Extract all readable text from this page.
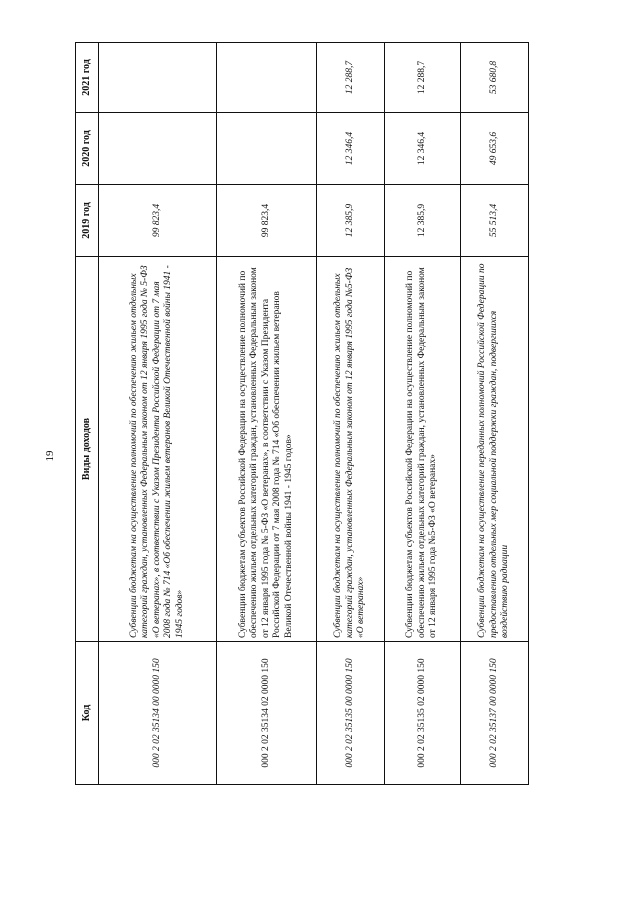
19
Код	Виды доходов	2019 год	2020 год	2021 год
000 2 02 35134 00 0000 150	Субвенции бюджетам на осуществление полномочий по обеспечению жильем отдельных категорий граждан, установленных Федеральным законом от 12 января 1995 года № 5-ФЗ «О ветеранах», в соответствии с Указом Президента Российской Федерации от 7 мая 2008 года № 714 «Об обеспечении жильем ветеранов Великой Отечественной войны 1941 - 1945 годов»	99 823,4		
000 2 02 35134 02 0000 150	Субвенции бюджетам субъектов Российской Федерации на осуществление полномочий по обеспечению жильем отдельных категорий граждан, установленных Федеральным законом от 12 января 1995 года № 5-ФЗ «О ветеранах», в соответствии с Указом Президента Российской Федерации от 7 мая 2008 года № 714 «Об обеспечении жильем ветеранов Великой Отечественной войны 1941 - 1945 годов»	99 823,4		
000 2 02 35135 00 0000 150	Субвенции бюджетам на осуществление полномочий по обеспечению жильем отдельных категорий граждан, установленных Федеральным законом от 12 января 1995 года №5-ФЗ «О ветеранах»	12 385,9	12 346,4	12 288,7
000 2 02 35135 02 0000 150	Субвенции бюджетам субъектов Российской Федерации на осуществление полномочий по обеспечению жильем отдельных категорий граждан, установленных Федеральным законом от 12 января 1995 года №5-ФЗ «О ветеранах»	12 385,9	12 346,4	12 288,7
000 2 02 35137 00 0000 150	Субвенции бюджетам на осуществление переданных полномочий Российской Федерации по предоставлению отдельных мер социальной поддержки граждан, подвергшихся воздействию радиации	55 513,4	49 653,6	53 680,8
